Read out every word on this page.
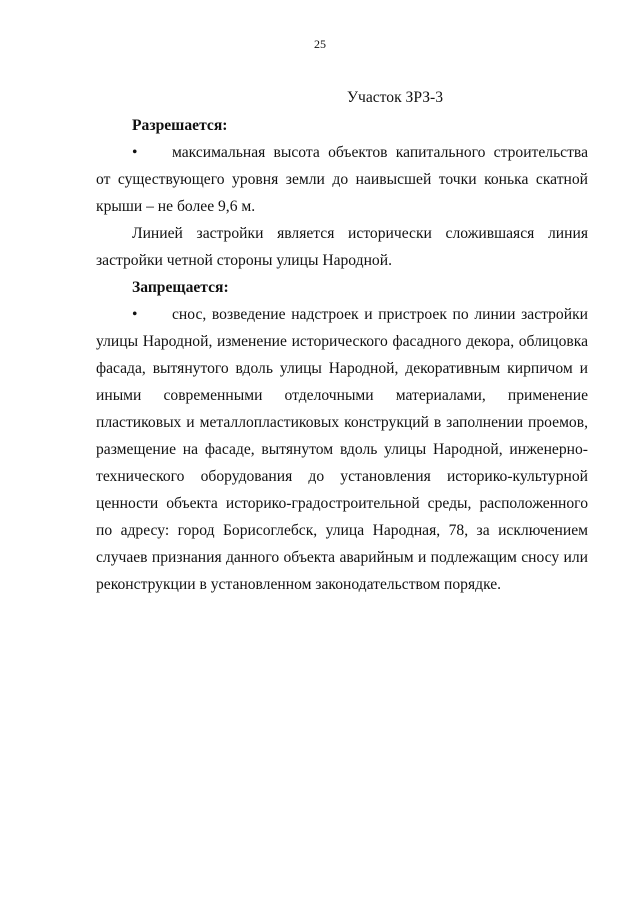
25

Участок ЗРЗ-3

Разрешается:

• максимальная высота объектов капитального строительства от существующего уровня земли до наивысшей точки конька скатной крыши – не более 9,6 м.

Линией застройки является исторически сложившаяся линия застройки четной стороны улицы Народной.

Запрещается:

• снос, возведение надстроек и пристроек по линии застройки улицы Народной, изменение исторического фасадного декора, облицовка фасада, вытянутого вдоль улицы Народной, декоративным кирпичом и иными современными отделочными материалами, применение пластиковых и металлопластиковых конструкций в заполнении проемов, размещение на фасаде, вытянутом вдоль улицы Народной, инженерно-технического оборудования до установления историко-культурной ценности объекта историко-градостроительной среды, расположенного по адресу: город Борисоглебск, улица Народная, 78, за исключением случаев признания данного объекта аварийным и подлежащим сносу или реконструкции в установленном законодательством порядке.
